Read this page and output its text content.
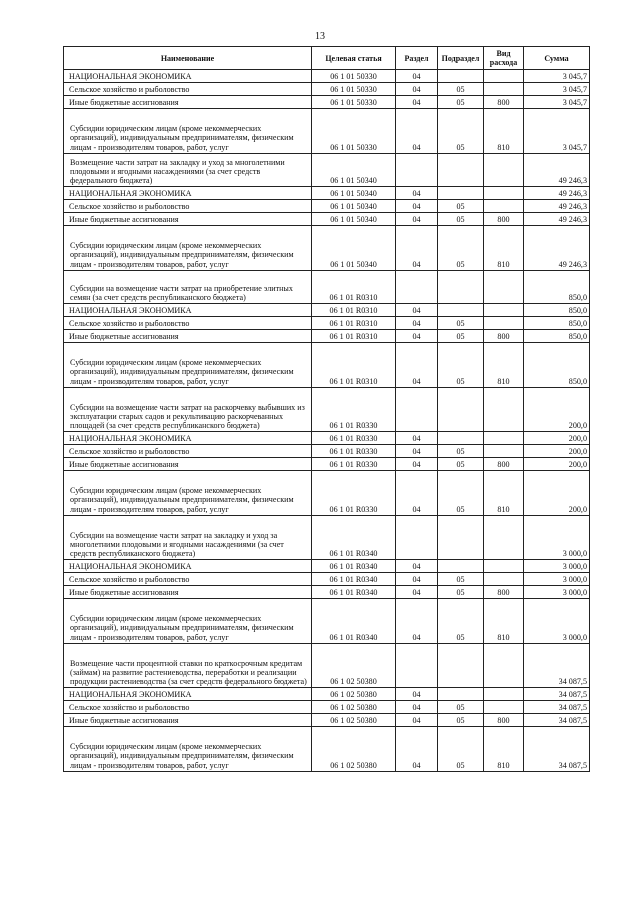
13
Наименование	Целевая статья	Раздел	Подраздел	Вид расхода	Сумма
НАЦИОНАЛЬНАЯ ЭКОНОМИКА	06 1 01 50330	04			3 045,7
Сельское хозяйство и рыболовство	06 1 01 50330	04	05		3 045,7
Иные бюджетные ассигнования	06 1 01 50330	04	05	800	3 045,7
Субсидии юридическим лицам (кроме некоммерческих организаций), индивидуальным предпринимателям, физическим лицам - производителям товаров, работ, услуг	06 1 01 50330	04	05	810	3 045,7
Возмещение части затрат на закладку и уход за многолетними плодовыми и ягодными насаждениями (за счет средств федерального бюджета)	06 1 01 50340				49 246,3
НАЦИОНАЛЬНАЯ ЭКОНОМИКА	06 1 01 50340	04			49 246,3
Сельское хозяйство и рыболовство	06 1 01 50340	04	05		49 246,3
Иные бюджетные ассигнования	06 1 01 50340	04	05	800	49 246,3
Субсидии юридическим лицам (кроме некоммерческих организаций), индивидуальным предпринимателям, физическим лицам - производителям товаров, работ, услуг	06 1 01 50340	04	05	810	49 246,3
Субсидии на возмещение части затрат на приобретение элитных семян (за счет средств республиканского бюджета)	06 1 01 R0310				850,0
НАЦИОНАЛЬНАЯ ЭКОНОМИКА	06 1 01 R0310	04			850,0
Сельское хозяйство и рыболовство	06 1 01 R0310	04	05		850,0
Иные бюджетные ассигнования	06 1 01 R0310	04	05	800	850,0
Субсидии юридическим лицам (кроме некоммерческих организаций), индивидуальным предпринимателям, физическим лицам - производителям товаров, работ, услуг	06 1 01 R0310	04	05	810	850,0
Субсидии на возмещение части затрат на раскорчевку выбывших из эксплуатации старых садов и рекультивацию раскорчеванных площадей (за счет средств республиканского бюджета)	06 1 01 R0330				200,0
НАЦИОНАЛЬНАЯ ЭКОНОМИКА	06 1 01 R0330	04			200,0
Сельское хозяйство и рыболовство	06 1 01 R0330	04	05		200,0
Иные бюджетные ассигнования	06 1 01 R0330	04	05	800	200,0
Субсидии юридическим лицам (кроме некоммерческих организаций), индивидуальным предпринимателям, физическим лицам - производителям товаров, работ, услуг	06 1 01 R0330	04	05	810	200,0
Субсидии на возмещение части затрат на закладку и уход за многолетними плодовыми и ягодными насаждениями (за счет средств республиканского бюджета)	06 1 01 R0340				3 000,0
НАЦИОНАЛЬНАЯ ЭКОНОМИКА	06 1 01 R0340	04			3 000,0
Сельское хозяйство и рыболовство	06 1 01 R0340	04	05		3 000,0
Иные бюджетные ассигнования	06 1 01 R0340	04	05	800	3 000,0
Субсидии юридическим лицам (кроме некоммерческих организаций), индивидуальным предпринимателям, физическим лицам - производителям товаров, работ, услуг	06 1 01 R0340	04	05	810	3 000,0
Возмещение части процентной ставки по краткосрочным кредитам (займам) на развитие растениеводства, переработки и реализации продукции растениеводства (за счет средств федерального бюджета)	06 1 02 50380				34 087,5
НАЦИОНАЛЬНАЯ ЭКОНОМИКА	06 1 02 50380	04			34 087,5
Сельское хозяйство и рыболовство	06 1 02 50380	04	05		34 087,5
Иные бюджетные ассигнования	06 1 02 50380	04	05	800	34 087,5
Субсидии юридическим лицам (кроме некоммерческих организаций), индивидуальным предпринимателям, физическим лицам - производителям товаров, работ, услуг	06 1 02 50380	04	05	810	34 087,5
